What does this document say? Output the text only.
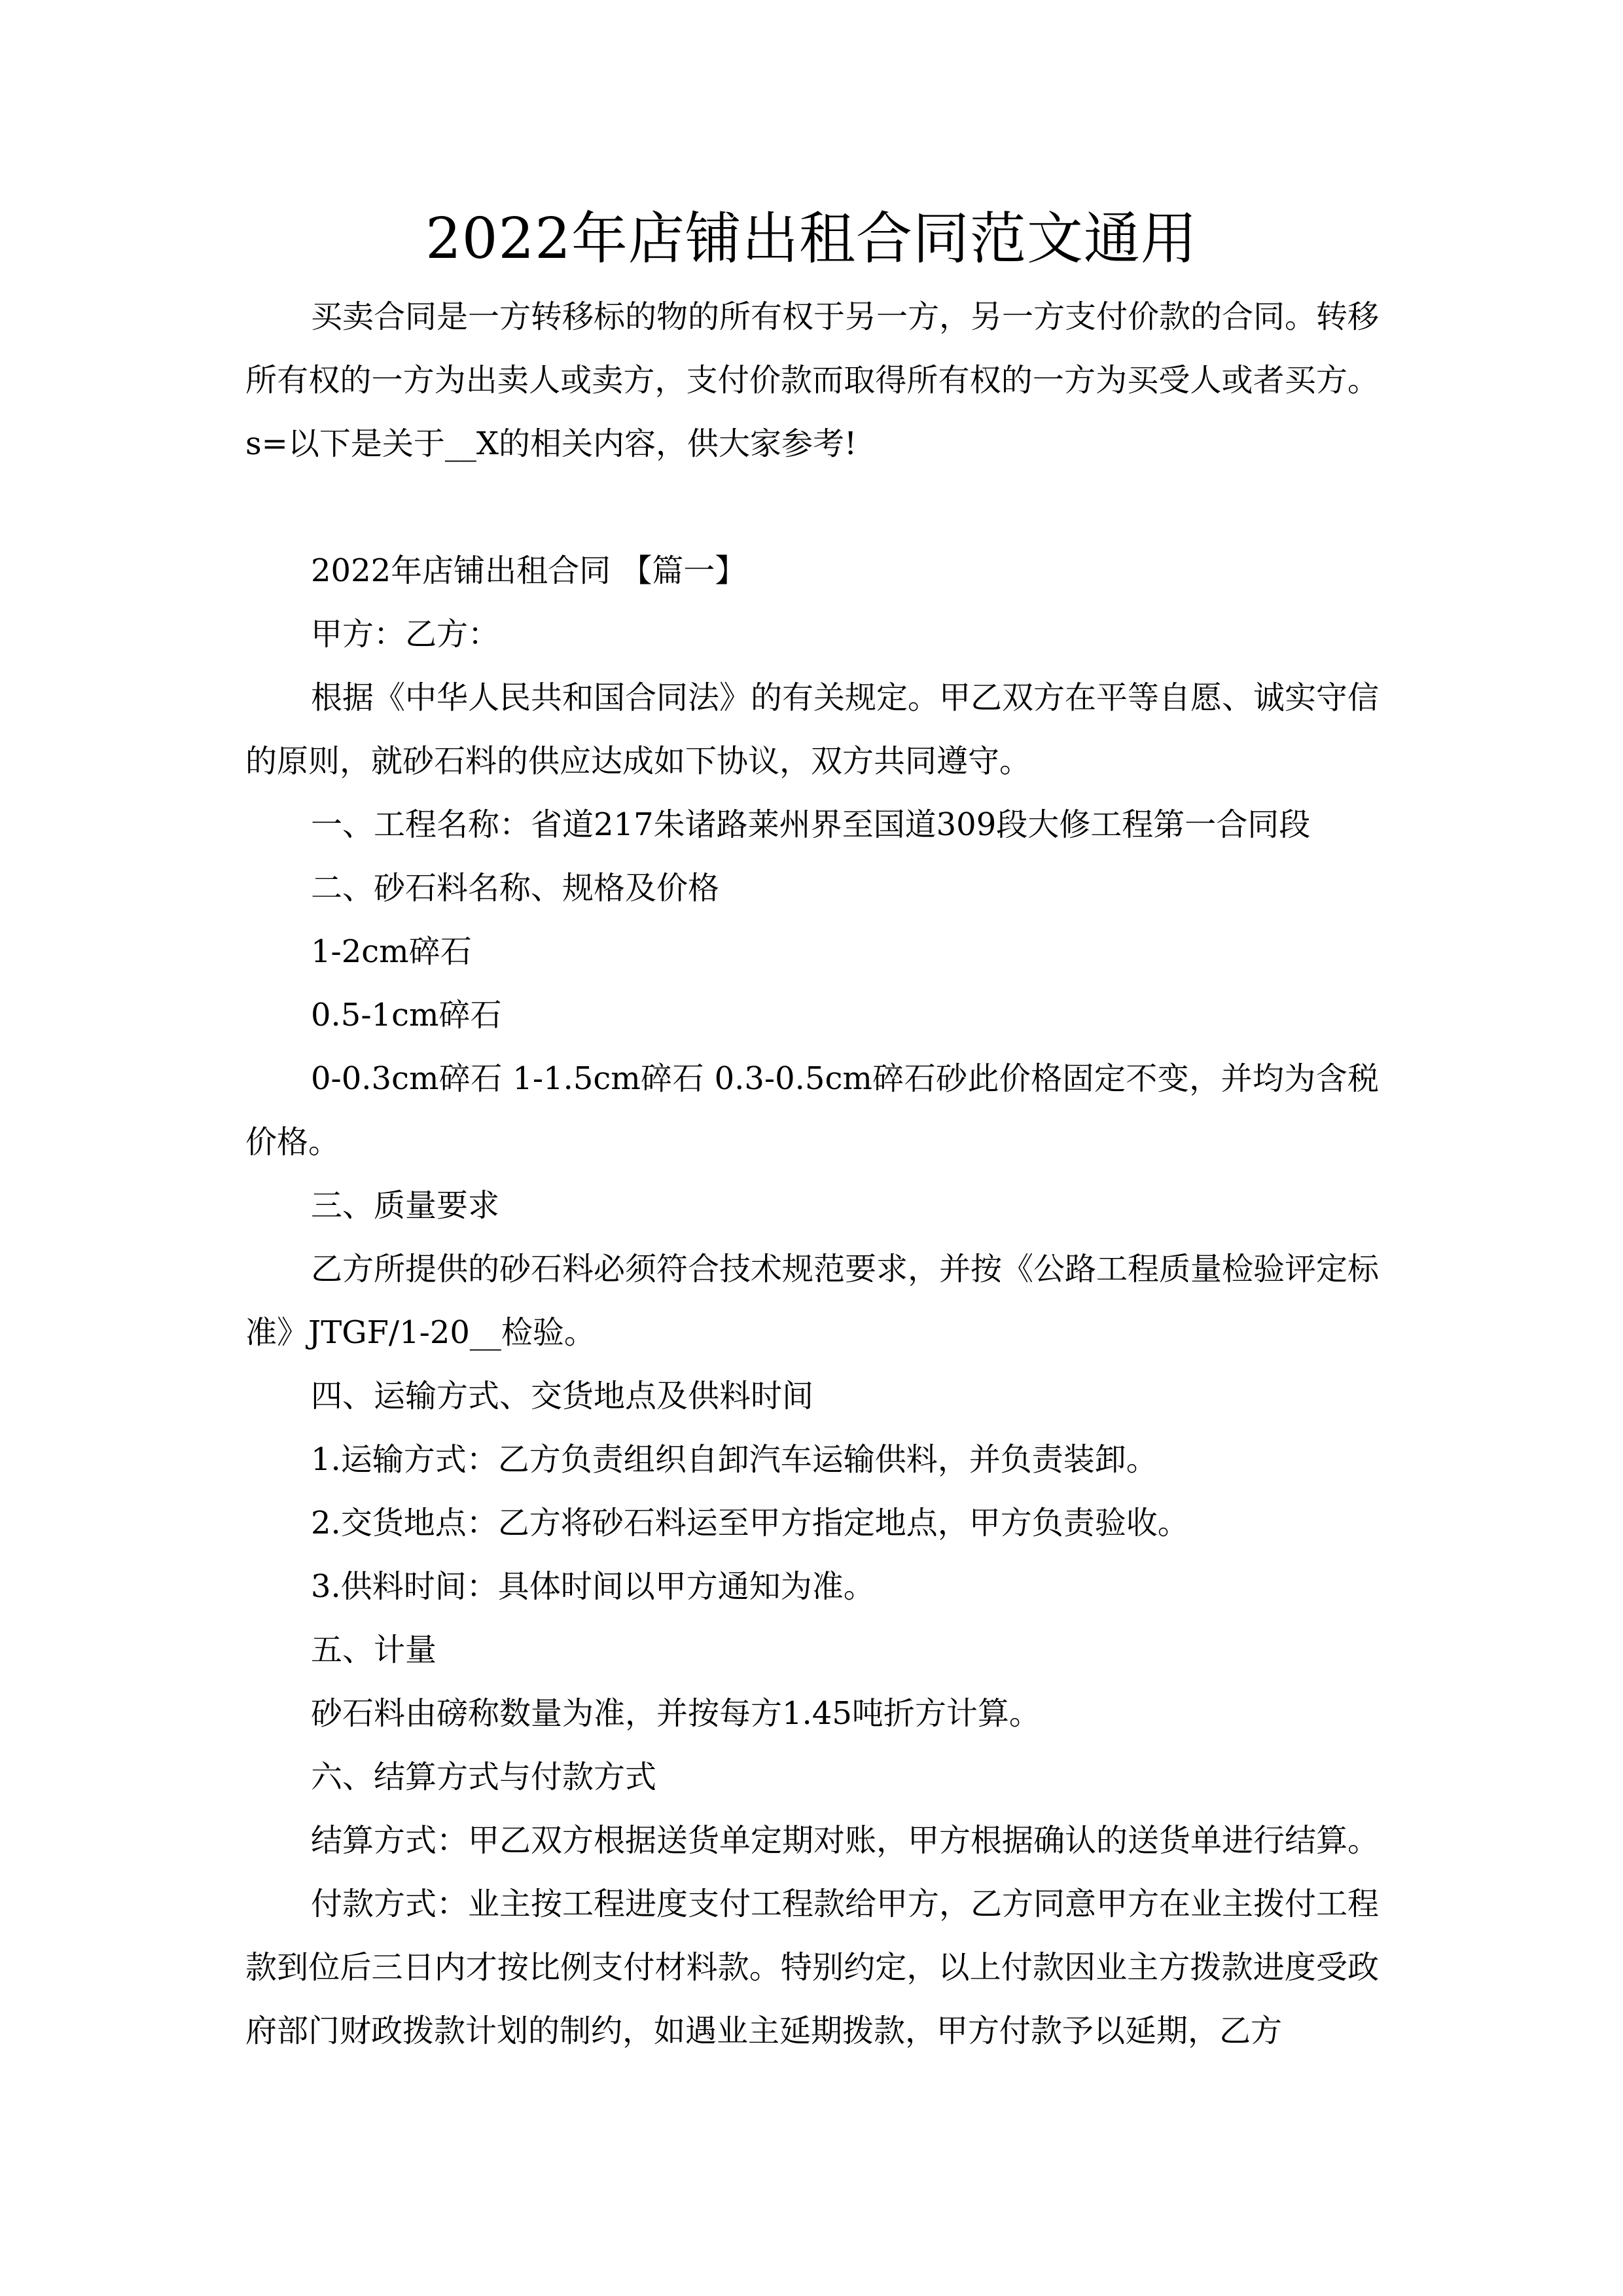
2022年店铺出租合同范文通用

买卖合同是一方转移标的物的所有权于另一方，另一方支付价款的合同。转移所有权的一方为出卖人或卖方，支付价款而取得所有权的一方为买受人或者买方。s=以下是关于__X的相关内容，供大家参考!

2022年店铺出租合同 【篇一】

甲方：乙方：

根据《中华人民共和国合同法》的有关规定。甲乙双方在平等自愿、诚实守信的原则，就砂石料的供应达成如下协议，双方共同遵守。

一、工程名称：省道217朱诸路莱州界至国道309段大修工程第一合同段

二、砂石料名称、规格及价格

1-2cm碎石

0.5-1cm碎石

0-0.3cm碎石 1-1.5cm碎石 0.3-0.5cm碎石砂此价格固定不变，并均为含税价格。

三、质量要求

乙方所提供的砂石料必须符合技术规范要求，并按《公路工程质量检验评定标准》JTGF/1-20__检验。

四、运输方式、交货地点及供料时间

1.运输方式：乙方负责组织自卸汽车运输供料，并负责装卸。

2.交货地点：乙方将砂石料运至甲方指定地点，甲方负责验收。

3.供料时间：具体时间以甲方通知为准。

五、计量

砂石料由磅称数量为准，并按每方1.45吨折方计算。

六、结算方式与付款方式

结算方式：甲乙双方根据送货单定期对账，甲方根据确认的送货单进行结算。

付款方式：业主按工程进度支付工程款给甲方，乙方同意甲方在业主拨付工程款到位后三日内才按比例支付材料款。特别约定，以上付款因业主方拨款进度受政府部门财政拨款计划的制约，如遇业主延期拨款，甲方付款予以延期，乙方
